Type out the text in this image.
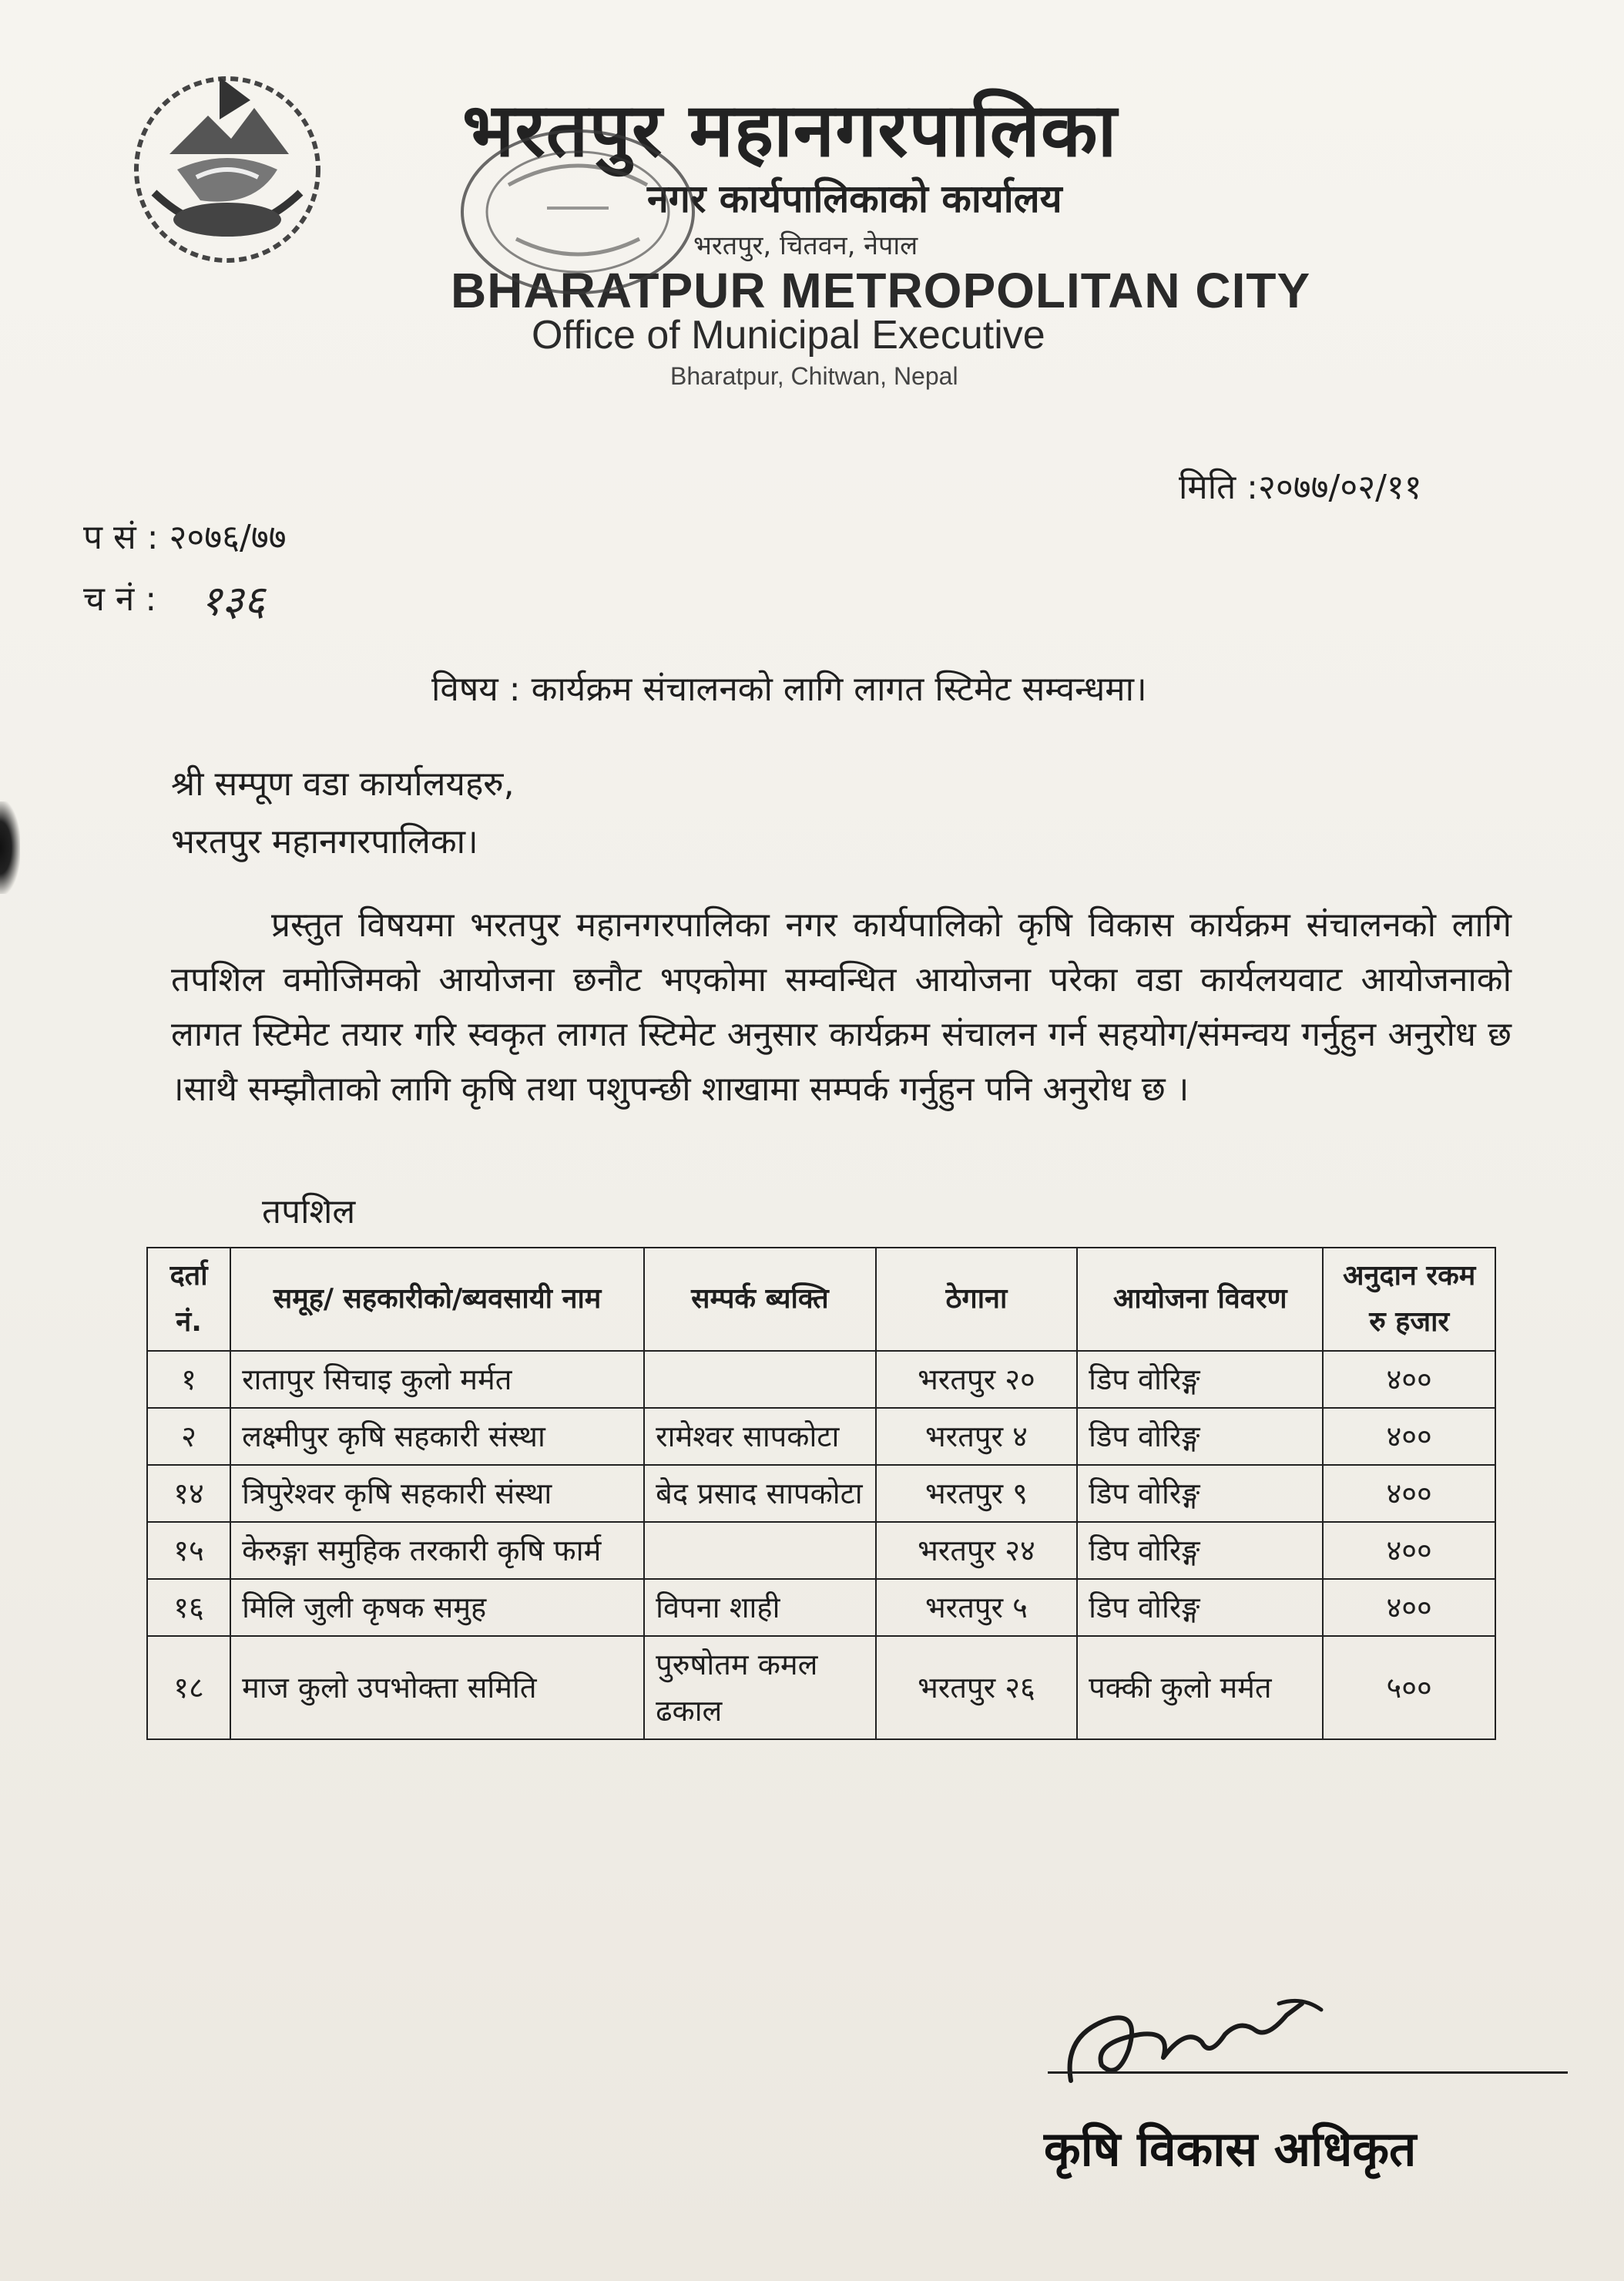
भरतपुर महानगरपालिका
नगर कार्यपालिकाको कार्यालय
भरतपुर, चितवन, नेपाल
BHARATPUR METROPOLITAN CITY
Office of Municipal Executive
Bharatpur, Chitwan, Nepal
मिति :२०७७/०२/११
प सं : २०७६/७७
च नं : १३६
विषय : कार्यक्रम संचालनको लागि लागत स्टिमेट सम्वन्धमा।
श्री सम्पूण वडा कार्यालयहरु,
भरतपुर महानगरपालिका।
प्रस्तुत विषयमा भरतपुर महानगरपालिका नगर कार्यपालिको कृषि विकास कार्यक्रम संचालनको लागि तपशिल वमोजिमको आयोजना छनौट भएकोमा सम्वन्धित आयोजना परेका वडा कार्यलयवाट आयोजनाको लागत स्टिमेट तयार गरि स्वकृत लागत स्टिमेट अनुसार कार्यक्रम संचालन गर्न सहयोग/संमन्वय गर्नुहुन अनुरोध छ ।साथै सम्झौताको लागि कृषि तथा पशुपन्छी शाखामा सम्पर्क गर्नुहुन पनि अनुरोध छ ।
तपशिल
दर्ता नं.	समूह/ सहकारीको/ब्यवसायी नाम	सम्पर्क ब्यक्ति	ठेगाना	आयोजना विवरण	अनुदान रकम रु हजार
१	रातापुर सिचाइ कुलो मर्मत		भरतपुर २०	डिप वोरिङ्ग	४००
२	लक्ष्मीपुर कृषि सहकारी संस्था	रामेश्वर सापकोटा	भरतपुर ४	डिप वोरिङ्ग	४००
१४	त्रिपुरेश्वर कृषि सहकारी संस्था	बेद प्रसाद सापकोटा	भरतपुर ९	डिप वोरिङ्ग	४००
१५	केरुङ्गा समुहिक तरकारी कृषि फार्म		भरतपुर २४	डिप वोरिङ्ग	४००
१६	मिलि जुली कृषक समुह	विपना शाही	भरतपुर ५	डिप वोरिङ्ग	४००
१८	माज कुलो उपभोक्ता समिति	पुरुषोतम कमल ढकाल	भरतपुर २६	पक्की कुलो मर्मत	५००
कृषि विकास अधिकृत
